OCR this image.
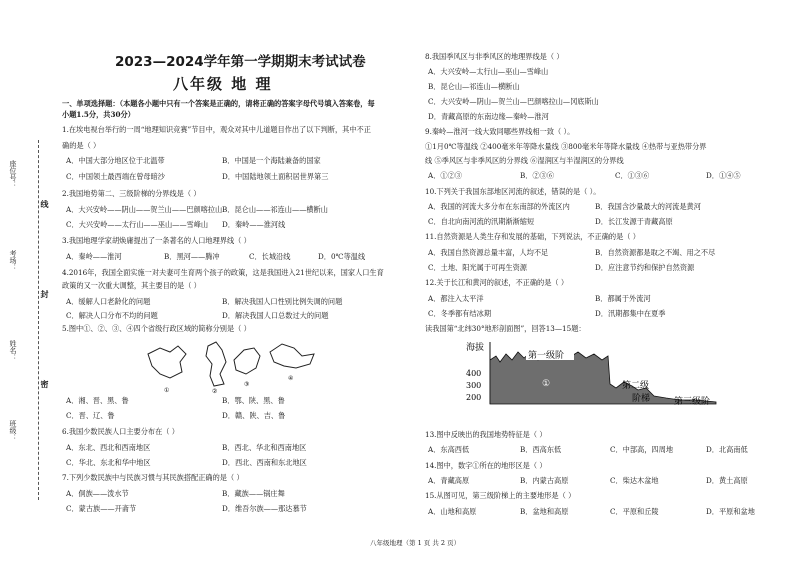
2023—2024学年第一学期期末考试试卷
八年级 地 理
座位号：
考场：
姓名：
班级：
线
封
密
一、单项选择题：（本题各小题中只有一个答案是正确的，请将正确的答案字母代号填入答案卷，每
小题1.5分，共30分）
1.在埃电视台举行的一周“地理知识竞赛”节目中，观众对其中儿道题目作出了以下判断，其中不正
确的是（ ）
A．中国大部分地区位于北温带	B．中国是一个海陆兼备的国家
C．中国领土最西端在曾母暗沙	D．中国陆地领土面积居世界第三
2.我国地势第二、三级阶梯的分界线是（ ）
A．大兴安岭——阴山——贺兰山——巴颜喀拉山 B．昆仑山——祁连山——横断山
C．大兴安岭——太行山——巫山——雪峰山 D．秦岭——淮河线
3.我国地理学家胡焕庸提出了一条著名的人口地理界线（ ）
A．秦岭——淮河	B．黑河——腾冲	C．长城沿线	D．0℃等温线
4.2016年，我国全面实施一对夫妻可生育两个孩子的政策，这是我国进入21世纪以来，国家人口生育
政策的又一次重大调整，其主要目的是（ ）
A．缓解人口老龄化的问题	B．解决我国人口性别比例失调的问题
C．解决人口分布不均的问题	D．解决我国人口总数过大的问题
5.图中①、②、③、④四个省级行政区域的简称分别是（ ）
①	②
③
④
A．湘、晋、黑、鲁	B．鄂、陕、黑、鲁
C．晋、辽、鲁	D．赣、陕、吉、鲁
6.我国少数民族人口主要分布在（ ）
A．东北、西北和西南地区	B．西北、华北和西南地区
C．华北、东北和华中地区	D．西北、西南和东北地区
7.下列少数民族中与民族习惯与其民族搭配正确的是（ ）
A．侗族——泼水节	B．藏族——锅庄舞
C．蒙古族——开斋节	D．维吾尔族——那达慕节
8.我国季风区与非季风区的地理界线是（ ）
A．大兴安岭—太行山—巫山—雪峰山
B．昆仑山—祁连山—横断山
C．大兴安岭—阴山—贺兰山—巴颜喀拉山—冈底斯山
D．青藏高原的东南边缘—秦岭—淮河
9.秦岭—淮河一线大致同哪些界线相一致（ ）。
①1月0℃等温线 ②400毫米年等降水量线 ③800毫米年等降水量线 ④热带与亚热带分界
线 ⑤季风区与非季风区的分界线 ⑥湿润区与半湿润区的分界线
A．①②③	B．②③⑥	C．①③⑥	D．①④⑤
10.下列关于我国东部地区河流的叙述，错误的是（ ）。
A．我国的河流大多分布在东南部的外流区内	B．我国含沙量最大的河流是黄河
C．自北向南河流的汛期渐渐缩短	D．长江发源于青藏高原
11.自然资源是人类生存和发展的基础，下列说法，不正确的是（ ）
A．我国自然资源总量丰富，人均不足	B．自然资源都是取之不竭、用之不尽
C．土地、阳光属于可再生资源	D．应注意节约和保护自然资源
12.关于长江和黄河的叙述，不正确的是（ ）
A．都注入太平洋	B．都属于外流河
C．冬季都有结冰期	D．汛期都集中在夏季
读我国第“北纬30°地形剖面图”，回答13—15题：
海拔
400
300
200
第一级阶
①	第二级
阶梯	第三级阶
13.图中反映出的我国地势特征是（ ）
A．东高西低	B．西高东低	C．中部高，四周地	D．北高南低
14.图中，数字①所在的地形区是（ ）
A．青藏高原	B．内蒙古高原	C．柴达木盆地	D．黄土高原
15.从图可见，第三级阶梯上的主要地形是（ ）
A．山地和高原	B．盆地和高原	C．平原和丘陵	D．平原和盆地
八年级地理（第 1 页 共 2 页）
